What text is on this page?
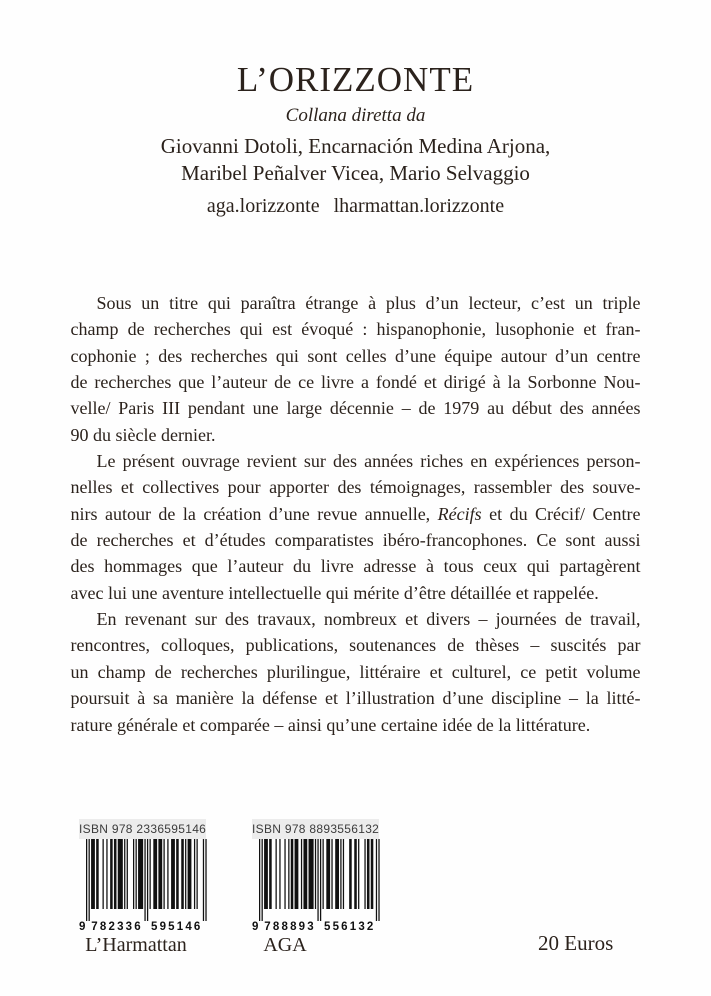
L’ORIZZONTE
Collana diretta da
Giovanni Dotoli, Encarnación Medina Arjona,
Maribel Peñalver Vicea, Mario Selvaggio
aga.lorizzonte lharmattan.lorizzonte
Sous un titre qui paraîtra étrange à plus d’un lecteur, c’est un triple
champ de recherches qui est évoqué : hispanophonie, lusophonie et fran-
cophonie ; des recherches qui sont celles d’une équipe autour d’un centre
de recherches que l’auteur de ce livre a fondé et dirigé à la Sorbonne Nou-
velle/ Paris III pendant une large décennie – de 1979 au début des années
90 du siècle dernier.
Le présent ouvrage revient sur des années riches en expériences person-
nelles et collectives pour apporter des témoignages, rassembler des souve-
nirs autour de la création d’une revue annuelle, Récifs et du Crécif/ Centre
de recherches et d’études comparatistes ibéro-francophones. Ce sont aussi
des hommages que l’auteur du livre adresse à tous ceux qui partagèrent
avec lui une aventure intellectuelle qui mérite d’être détaillée et rappelée.
En revenant sur des travaux, nombreux et divers – journées de travail,
rencontres, colloques, publications, soutenances de thèses – suscités par
un champ de recherches plurilingue, littéraire et culturel, ce petit volume
poursuit à sa manière la défense et l’illustration d’une discipline – la litté-
rature générale et comparée – ainsi qu’une certaine idée de la littérature.
ISBN 978 2336595146
9 782336 595146
ISBN 978 8893556132
9 788893 556132
L’Harmattan	AGA	20 Euros
